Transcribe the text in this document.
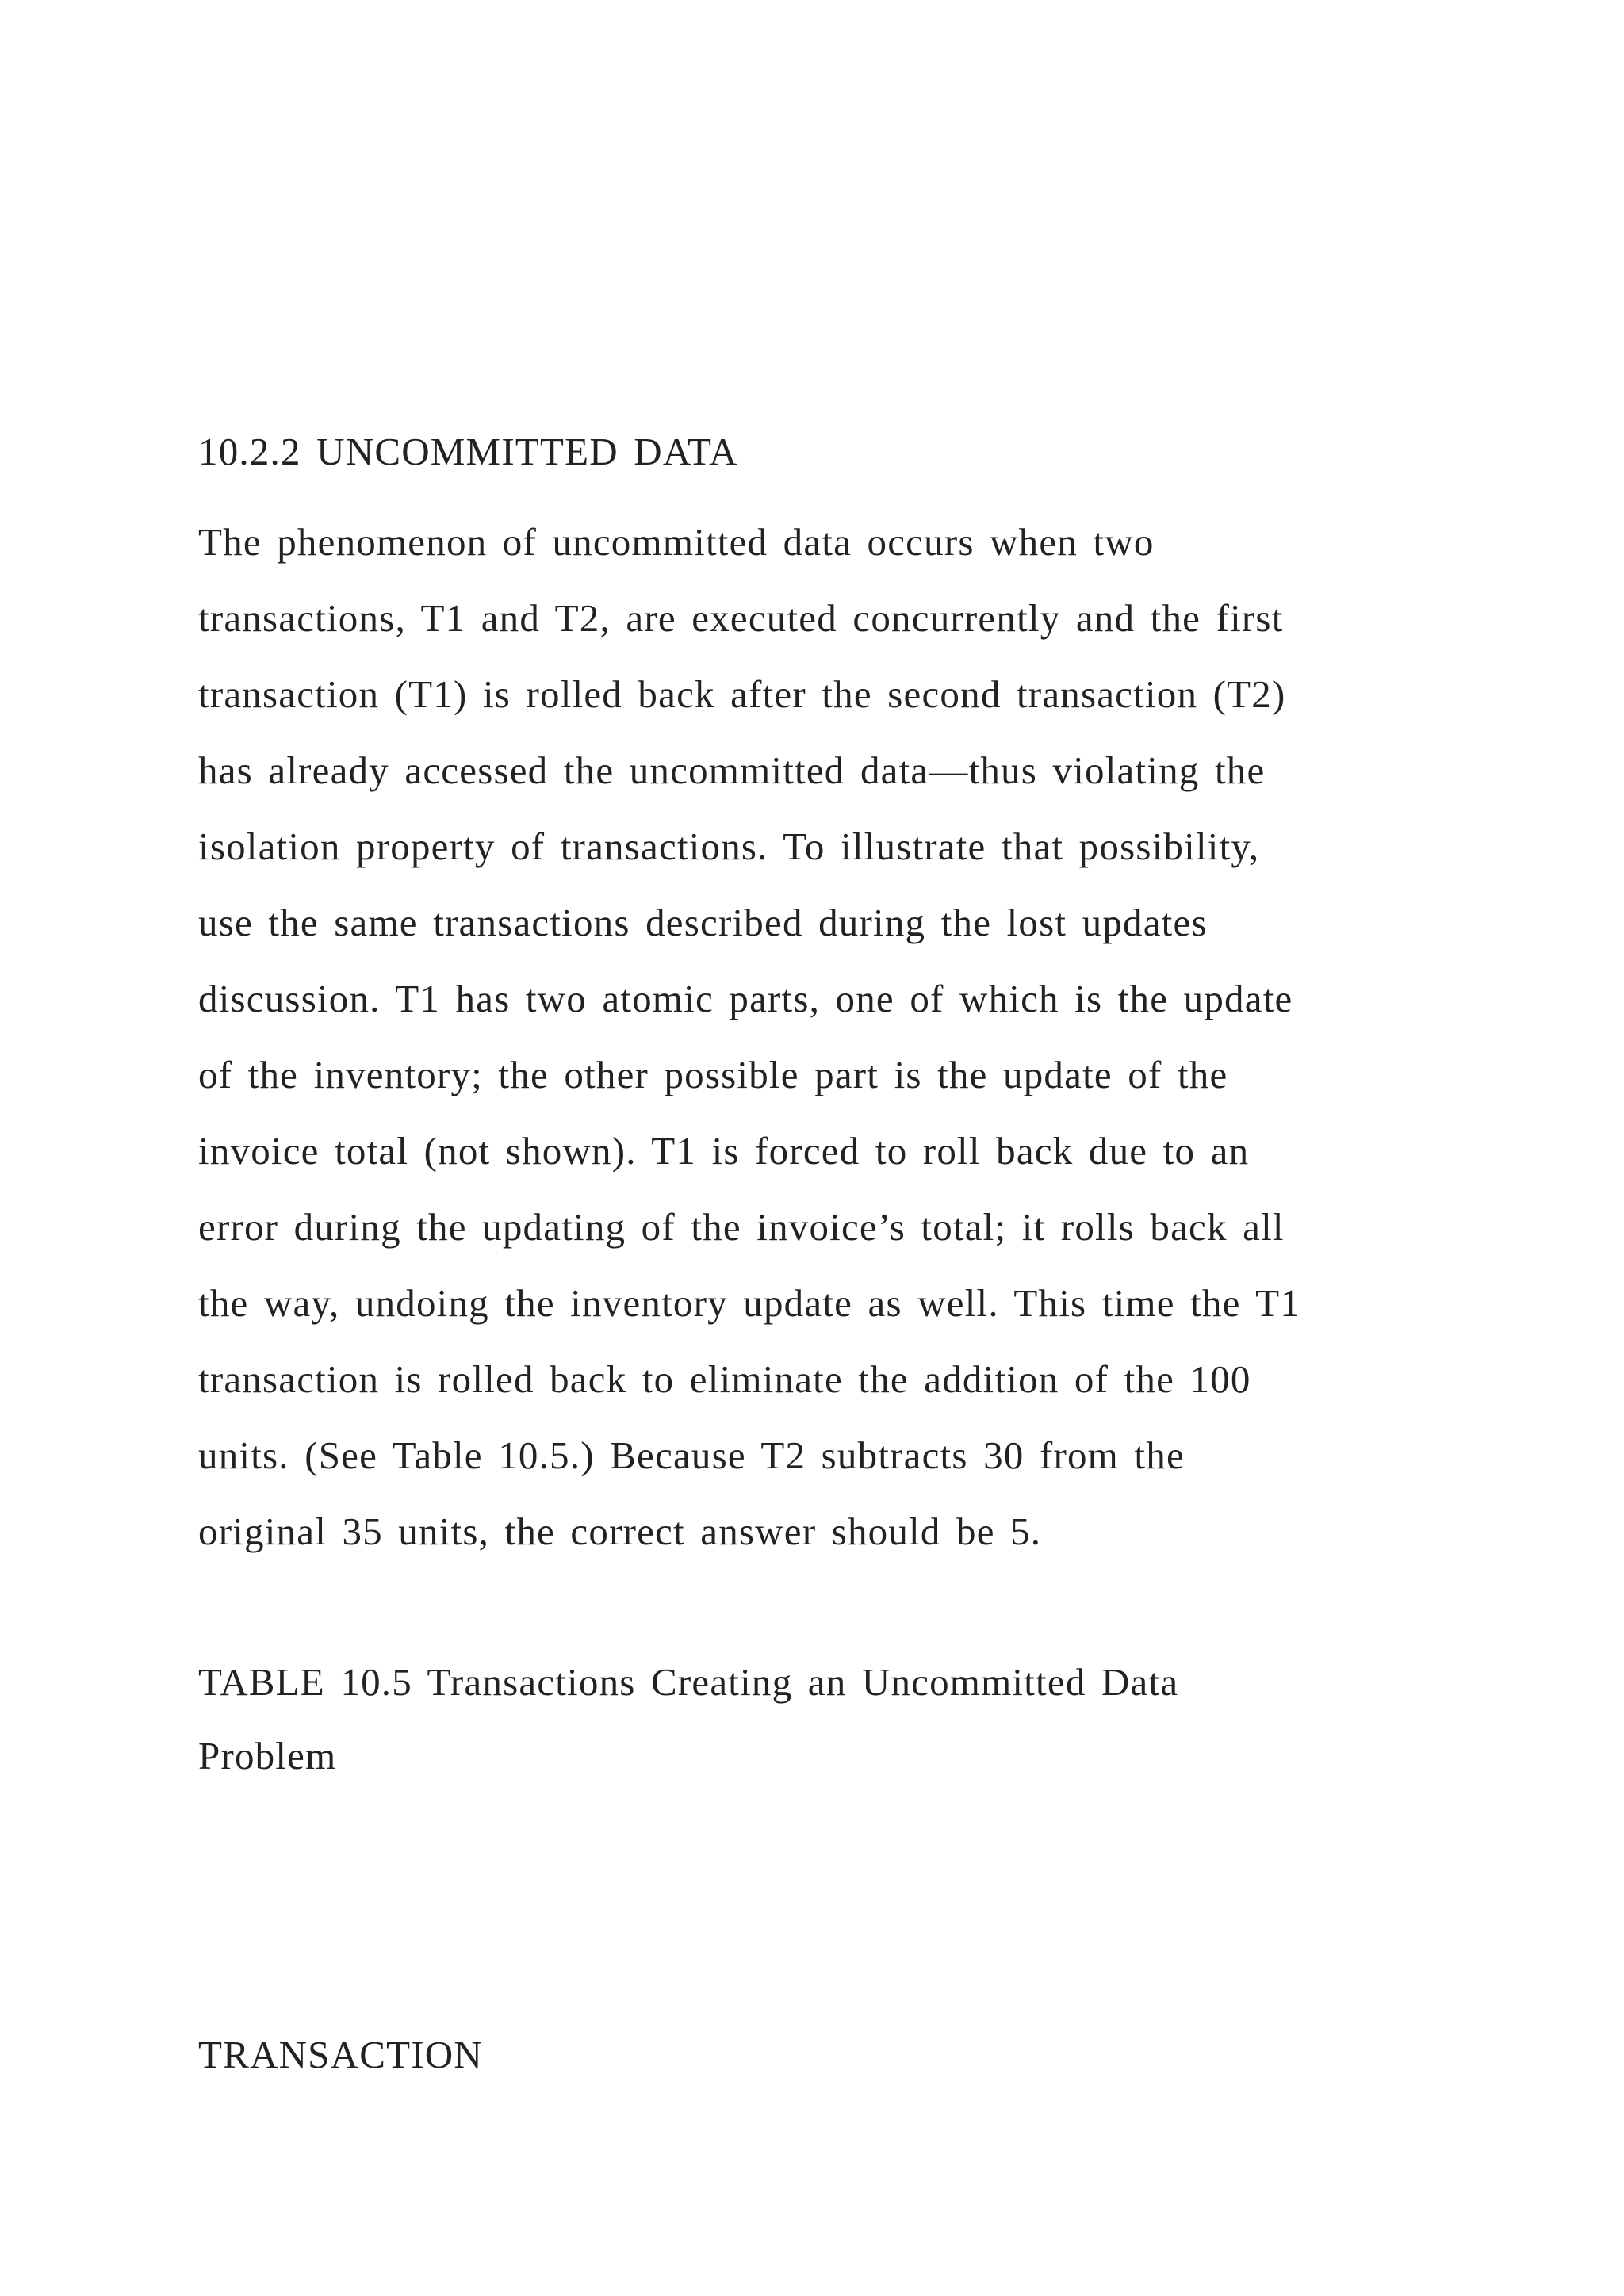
10.2.2 UNCOMMITTED DATA
The phenomenon of uncommitted data occurs when two
transactions, T1 and T2, are executed concurrently and the first
transaction (T1) is rolled back after the second transaction (T2)
has already accessed the uncommitted data—thus violating the
isolation property of transactions. To illustrate that possibility,
use the same transactions described during the lost updates
discussion. T1 has two atomic parts, one of which is the update
of the inventory; the other possible part is the update of the
invoice total (not shown). T1 is forced to roll back due to an
error during the updating of the invoice’s total; it rolls back all
the way, undoing the inventory update as well. This time the T1
transaction is rolled back to eliminate the addition of the 100
units. (See Table 10.5.) Because T2 subtracts 30 from the
original 35 units, the correct answer should be 5.
TABLE 10.5 Transactions Creating an Uncommitted Data
Problem
TRANSACTION
